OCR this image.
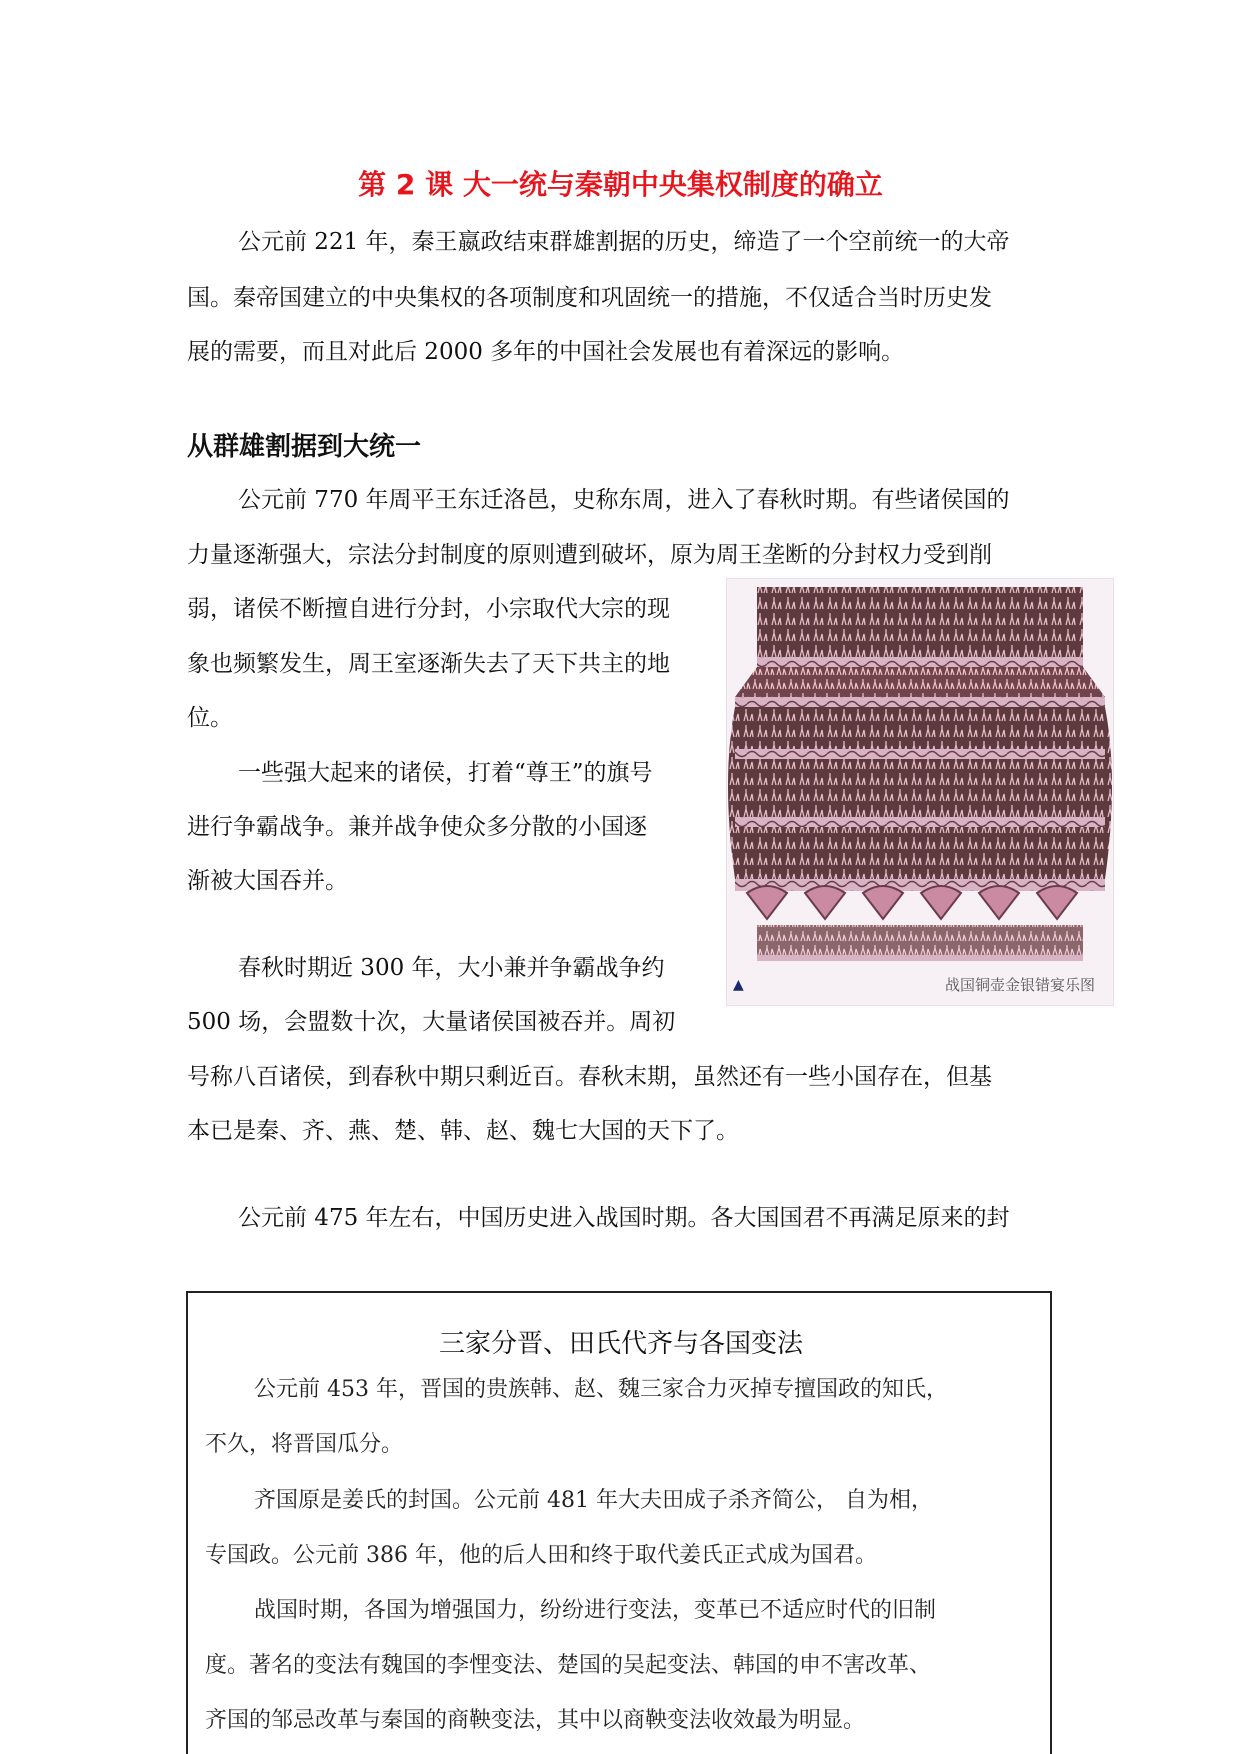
第 2 课 大一统与秦朝中央集权制度的确立
公元前 221 年，秦王嬴政结束群雄割据的历史，缔造了一个空前统一的大帝
国。秦帝国建立的中央集权的各项制度和巩固统一的措施，不仅适合当时历史发
展的需要，而且对此后 2000 多年的中国社会发展也有着深远的影响。
从群雄割据到大统一
公元前 770 年周平王东迁洛邑，史称东周，进入了春秋时期。有些诸侯国的
力量逐渐强大，宗法分封制度的原则遭到破坏，原为周王垄断的分封权力受到削
弱，诸侯不断擅自进行分封，小宗取代大宗的现
象也频繁发生，周王室逐渐失去了天下共主的地
位。
一些强大起来的诸侯，打着“尊王”的旗号
进行争霸战争。兼并战争使众多分散的小国逐
渐被大国吞并。
春秋时期近 300 年，大小兼并争霸战争约
500 场，会盟数十次，大量诸侯国被吞并。周初
号称八百诸侯，到春秋中期只剩近百。春秋末期，虽然还有一些小国存在，但基
本已是秦、齐、燕、楚、韩、赵、魏七大国的天下了。
公元前 475 年左右，中国历史进入战国时期。各大国国君不再满足原来的封
▲	战国铜壶金银错宴乐图
三家分晋、田氏代齐与各国变法
公元前 453 年，晋国的贵族韩、赵、魏三家合力灭掉专擅国政的知氏，
不久，将晋国瓜分。
齐国原是姜氏的封国。公元前 481 年大夫田成子杀齐简公， 自为相，
专国政。公元前 386 年，他的后人田和终于取代姜氏正式成为国君。
战国时期，各国为增强国力，纷纷进行变法，变革已不适应时代的旧制
度。著名的变法有魏国的李悝变法、楚国的吴起变法、韩国的申不害改革、
齐国的邹忌改革与秦国的商鞅变法，其中以商鞅变法收效最为明显。
